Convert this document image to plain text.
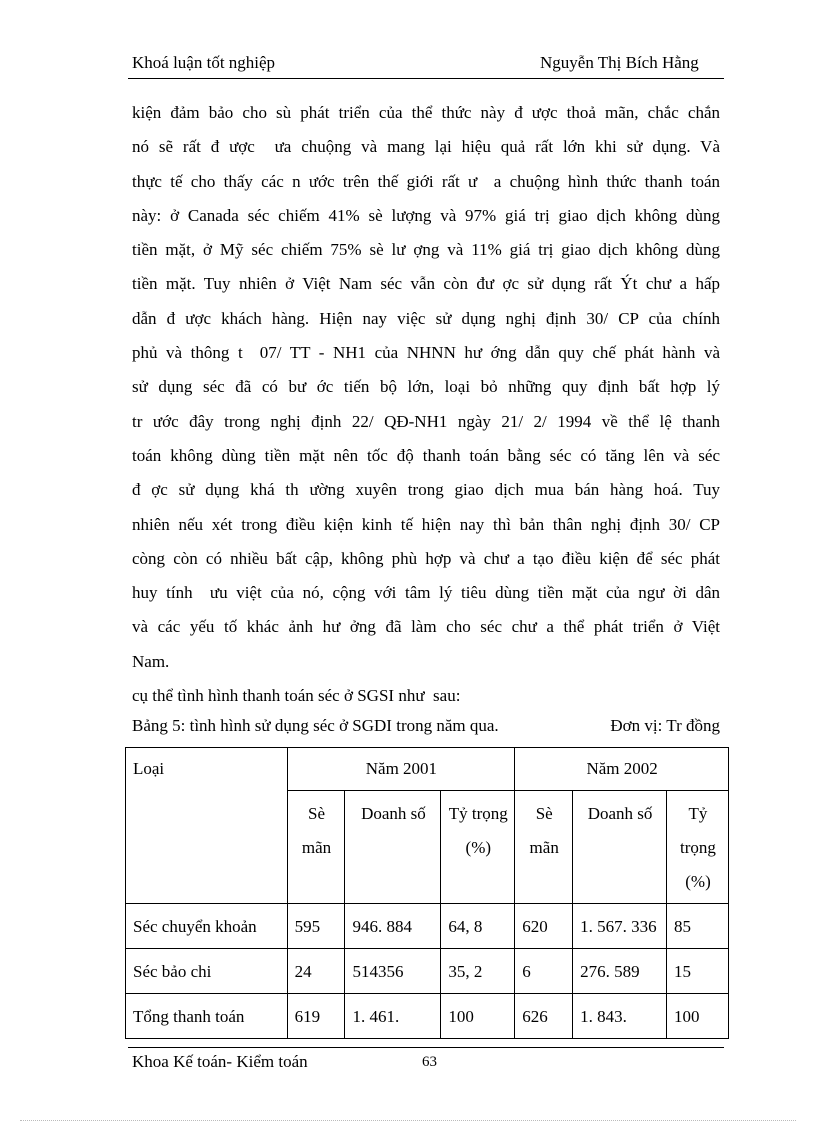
Khoá luận tốt nghiệp	Nguyễn Thị Bích Hằng
kiện đảm bảo cho sù phát triển của thể thức này đ ược thoả mãn, chắc chắn
nó sẽ rất đ ược ưa chuộng và mang lại hiệu quả rất lớn khi sử dụng. Và
thực tế cho thấy các n ước trên thế giới rất ư a chuộng hình thức thanh toán
này: ở Canada séc chiếm 41% sè lượng và 97% giá trị giao dịch không dùng
tiền mặt, ở Mỹ séc chiếm 75% sè lư ợng và 11% giá trị giao dịch không dùng
tiền mặt. Tuy nhiên ở Việt Nam séc vẫn còn đư ợc sử dụng rất Ýt chư a hấp
dẫn đ ược khách hàng. Hiện nay việc sử dụng nghị định 30/ CP của chính
phủ và thông t 07/ TT - NH1 của NHNN hư ớng dẫn quy chế phát hành và
sử dụng séc đã có bư ớc tiến bộ lớn, loại bỏ những quy định bất hợp lý
tr ước đây trong nghị định 22/ QĐ-NH1 ngày 21/ 2/ 1994 về thể lệ thanh
toán không dùng tiền mặt nên tốc độ thanh toán bằng séc có tăng lên và séc
đ ợc sử dụng khá th ường xuyên trong giao dịch mua bán hàng hoá. Tuy
nhiên nếu xét trong điều kiện kinh tế hiện nay thì bản thân nghị định 30/ CP
còng còn có nhiều bất cập, không phù hợp và chư a tạo điều kiện để séc phát
huy tính ưu việt của nó, cộng với tâm lý tiêu dùng tiền mặt của ngư ời dân
và các yếu tố khác ảnh hư ởng đã làm cho séc chư a thể phát triển ở Việt
Nam.
cụ thể tình hình thanh toán séc ở SGSI như sau:
Bảng 5: tình hình sử dụng séc ở SGDI trong năm qua.	Đơn vị: Tr đồng
Loại	Năm 2001			Năm 2002		
	Sè mãn	Doanh số	Tỷ trọng (%)	Sè mãn	Doanh số	Tỷ trọng (%)
Séc chuyển khoản	595	946. 884	64, 8	620	1. 567. 336	85
Séc bảo chi	24	514356	35, 2	6	276. 589	15
Tổng thanh toán	619	1. 461.	100	626	1. 843.	100
Khoa Kế toán- Kiểm toán	63
